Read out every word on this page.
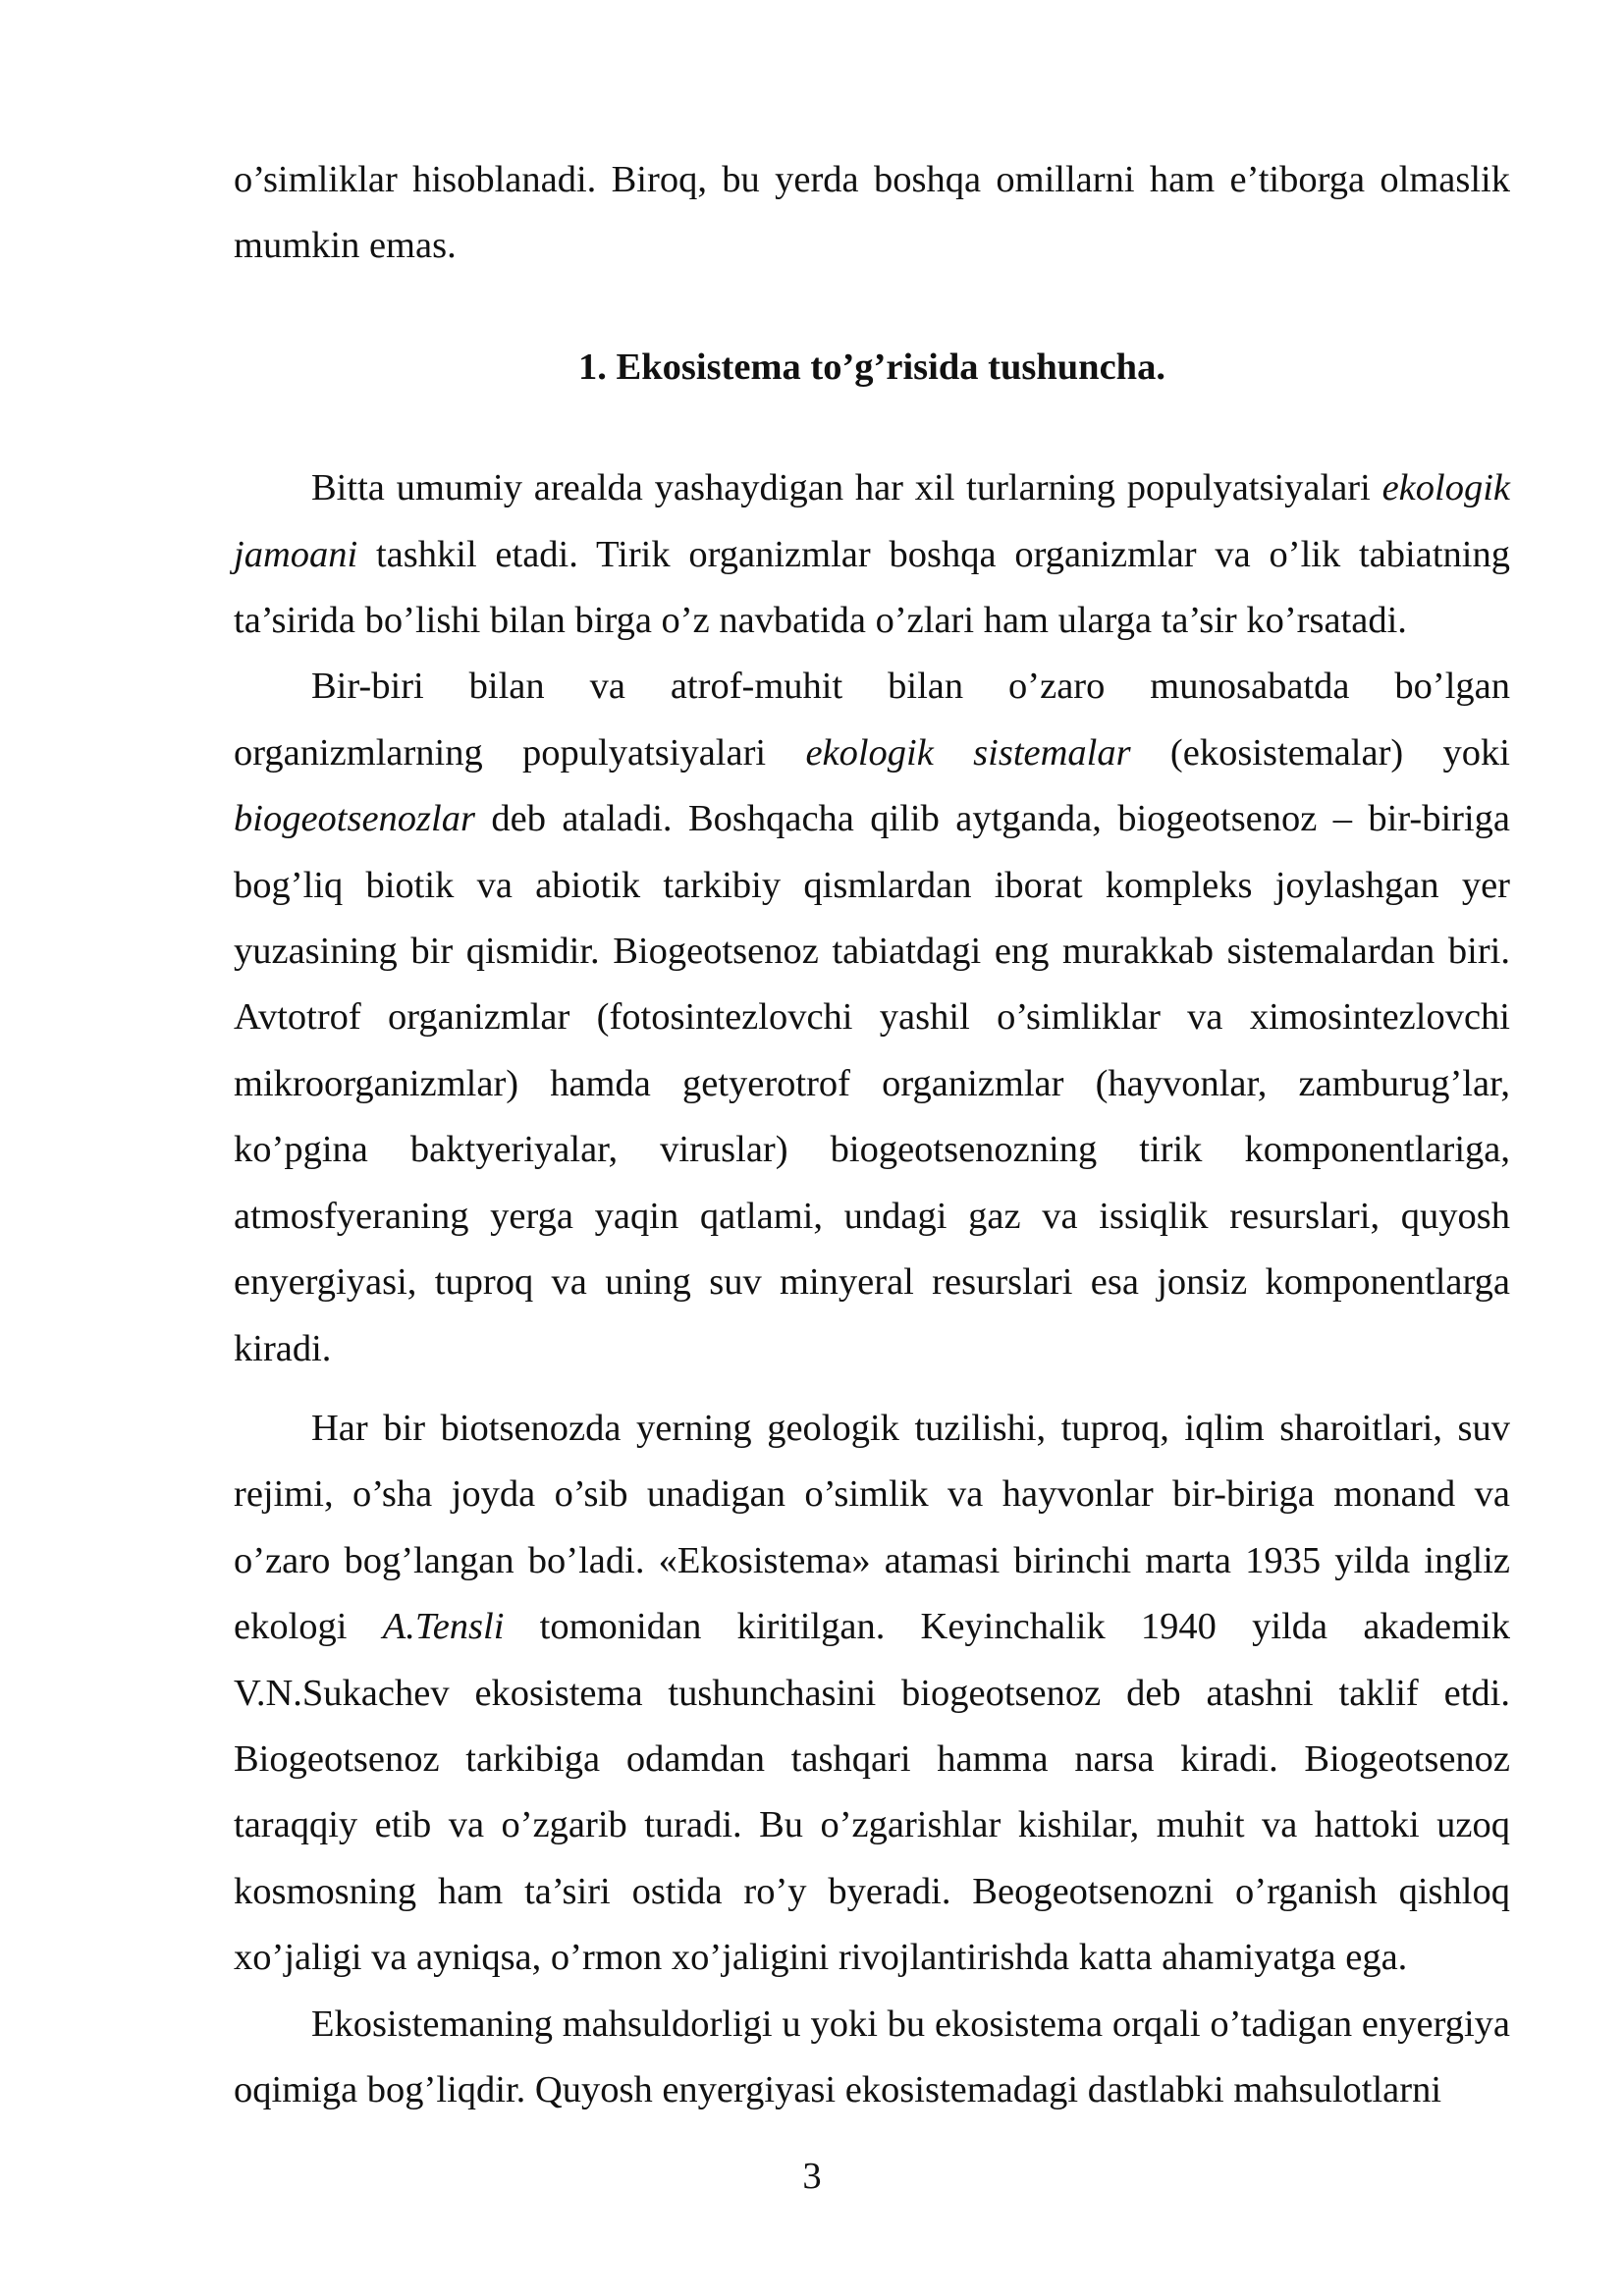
o’simliklar hisoblanadi. Biroq, bu yerda boshqa omillarni ham e’tiborga olmaslik mumkin emas.

1. Ekosistema to’g’risida tushuncha.

Bitta umumiy arealda yashaydigan har xil turlarning populyatsiyalari ekologik jamoani tashkil etadi. Tirik organizmlar boshqa organizmlar va o’lik tabiatning ta’sirida bo’lishi bilan birga o’z navbatida o’zlari ham ularga ta’sir ko’rsatadi.

Bir-biri bilan va atrof-muhit bilan o’zaro munosabatda bo’lgan organizmlarning populyatsiyalari ekologik sistemalar (ekosistemalar) yoki biogeotsenozlar deb ataladi. Boshqacha qilib aytganda, biogeotsenoz – bir-biriga bog’liq biotik va abiotik tarkibiy qismlardan iborat kompleks joylashgan yer yuzasining bir qismidir. Biogeotsenoz tabiatdagi eng murakkab sistemalardan biri. Avtotrof organizmlar (fotosintezlovchi yashil o’simliklar va ximosintezlovchi mikroorganizmlar) hamda getyerotrof organizmlar (hayvonlar, zamburug’lar, ko’pgina baktyeriyalar, viruslar) biogeotsenozning tirik komponentlariga, atmosfyeraning yerga yaqin qatlami, undagi gaz va issiqlik resurslari, quyosh enyergiyasi, tuproq va uning suv minyeral resurslari esa jonsiz komponentlarga kiradi.

Har bir biotsenozda yerning geologik tuzilishi, tuproq, iqlim sharoitlari, suv rejimi, o’sha joyda o’sib unadigan o’simlik va hayvonlar bir-biriga monand va o’zaro bog’langan bo’ladi. «Ekosistema» atamasi birinchi marta 1935 yilda ingliz ekologi A.Tensli tomonidan kiritilgan. Keyinchalik 1940 yilda akademik V.N.Sukachev ekosistema tushunchasini biogeotsenoz deb atashni taklif etdi. Biogeotsenoz tarkibiga odamdan tashqari hamma narsa kiradi. Biogeotsenoz taraqqiy etib va o’zgarib turadi. Bu o’zgarishlar kishilar, muhit va hattoki uzoq kosmosning ham ta’siri ostida ro’y byeradi. Beogeotsenozni o’rganish qishloq xo’jaligi va ayniqsa, o’rmon xo’jaligini rivojlantirishda katta ahamiyatga ega.

Ekosistemaning mahsuldorligi u yoki bu ekosistema orqali o’tadigan enyergiya oqimiga bog’liqdir. Quyosh enyergiyasi ekosistemadagi dastlabki mahsulotlarni

3
